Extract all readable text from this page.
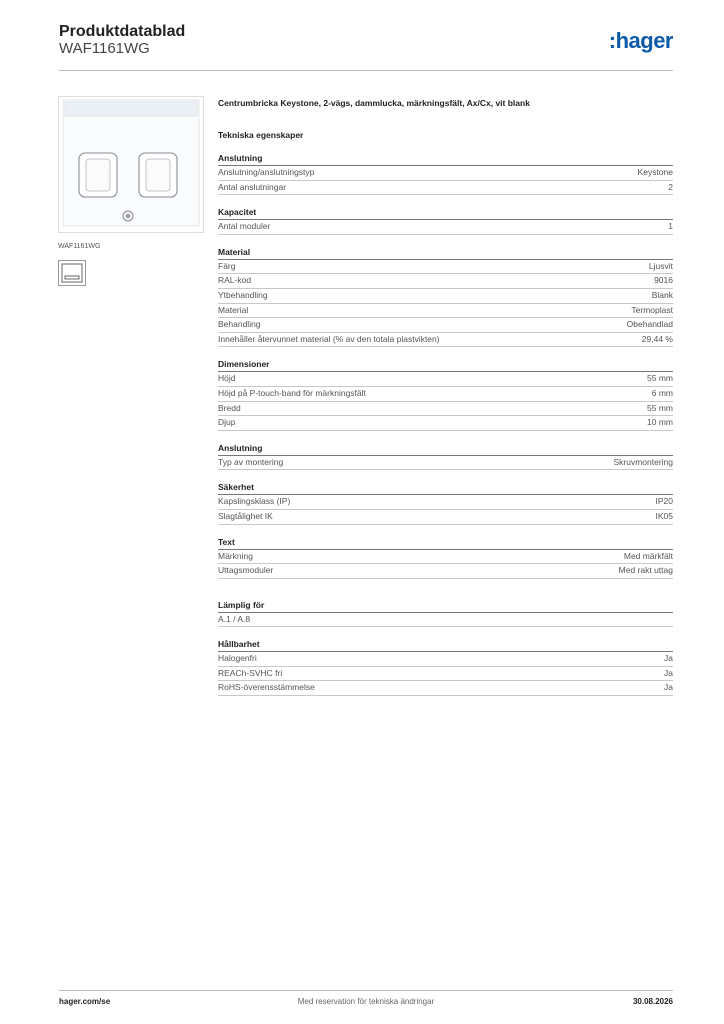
Produktdatablad
WAF1161WG	:hager
WAF1161WG
Centrumbricka Keystone, 2-vägs, dammlucka, märkningsfält, Ax/Cx, vit blank
Tekniska egenskaper
Anslutning
Anslutning/anslutningstyp	Keystone
Antal anslutningar	2
Kapacitet
Antal moduler	1
Material
Färg	Ljusvit
RAL-kod	9016
Ytbehandling	Blank
Material	Termoplast
Behandling	Obehandlad
Innehåller återvunnet material (% av den totala plastvikten)	29,44 %
Dimensioner
Höjd	55 mm
Höjd på P-touch-band för märkningsfält	6 mm
Bredd	55 mm
Djup	10 mm
Anslutning
Typ av montering	Skruvmontering
Säkerhet
Kapslingsklass (IP)	IP20
Slagtålighet IK	IK05
Text
Märkning	Med märkfält
Uttagsmoduler	Med rakt uttag
Lämplig för
A.1 / A.8
Hållbarhet
Halogenfri	Ja
REACh-SVHC fri	Ja
RoHS-överensstämmelse	Ja
hager.com/se	Med reservation för tekniska ändringar	30.08.2026
